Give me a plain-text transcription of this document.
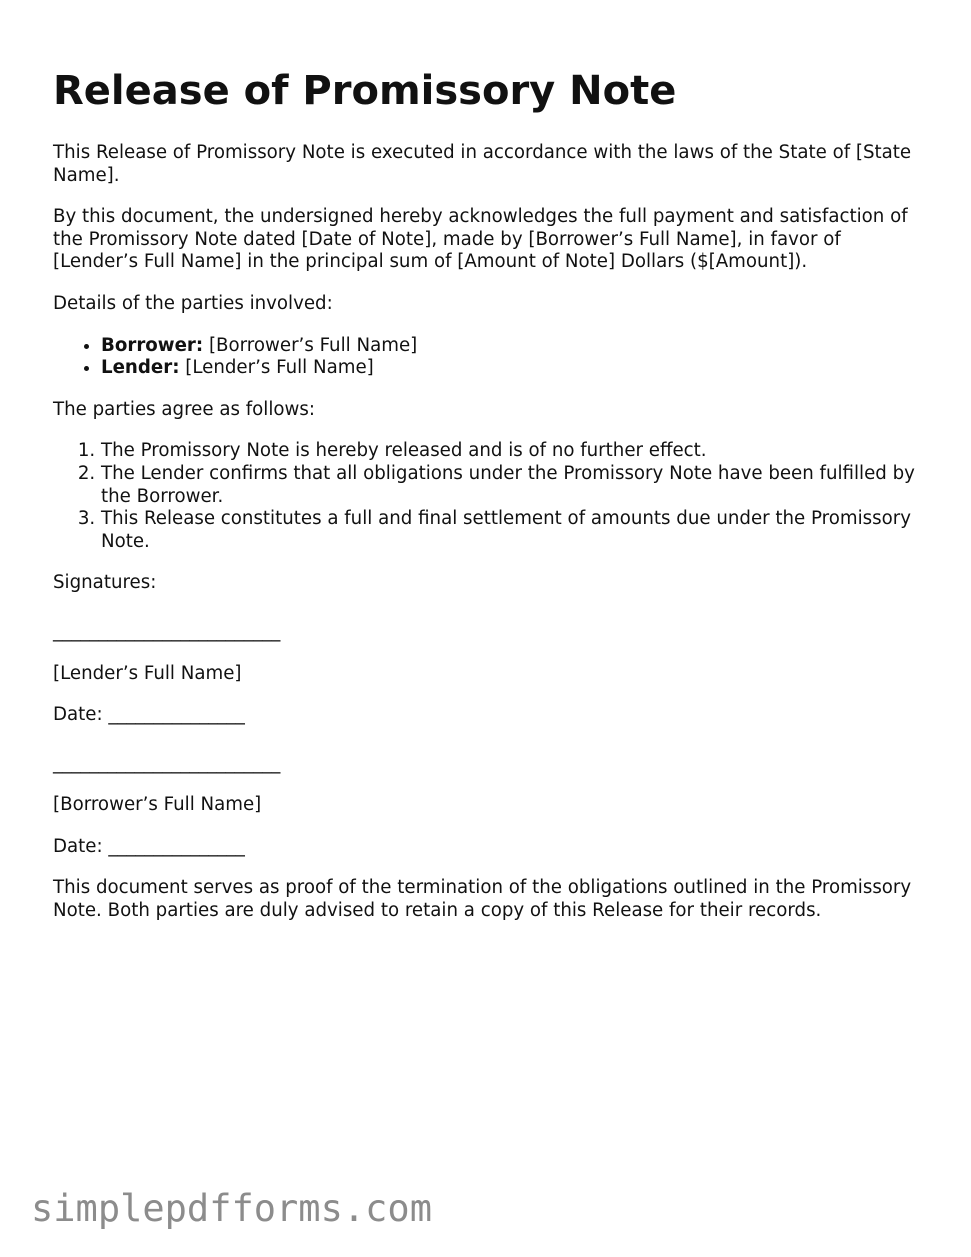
Release of Promissory Note

This Release of Promissory Note is executed in accordance with the laws of the State of [State Name].

By this document, the undersigned hereby acknowledges the full payment and satisfaction of the Promissory Note dated [Date of Note], made by [Borrower’s Full Name], in favor of [Lender’s Full Name] in the principal sum of [Amount of Note] Dollars ($[Amount]).

Details of the parties involved:

• Borrower: [Borrower’s Full Name]
• Lender: [Lender’s Full Name]

The parties agree as follows:

1. The Promissory Note is hereby released and is of no further effect.
2. The Lender confirms that all obligations under the Promissory Note have been fulfilled by the Borrower.
3. This Release constitutes a full and final settlement of amounts due under the Promissory Note.

Signatures:

_________________________
[Lender’s Full Name]
Date: _______________
_________________________
[Borrower’s Full Name]
Date: _______________

This document serves as proof of the termination of the obligations outlined in the Promissory Note. Both parties are duly advised to retain a copy of this Release for their records.

simplepdfforms.com
